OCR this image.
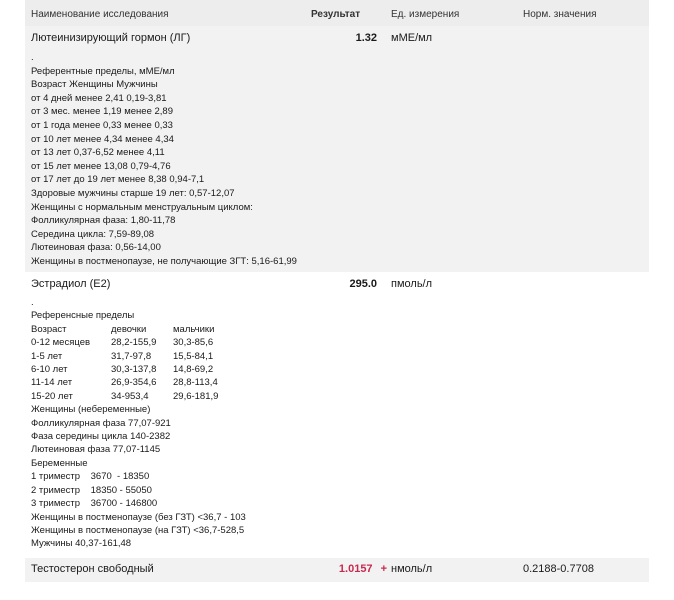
Наименование исследования	Результат	Ед. измерения	Норм. значения
Лютеинизирующий гормон (ЛГ)	1.32 мМЕ/мл
.
Референтные пределы, мМЕ/мл
Возраст Женщины Мужчины
от 4 дней менее 2,41 0,19-3,81
от 3 мес. менее 1,19 менее 2,89
от 1 года менее 0,33 менее 0,33
от 10 лет менее 4,34 менее 4,34
от 13 лет 0,37-6,52 менее 4,11
от 15 лет менее 13,08 0,79-4,76
от 17 лет до 19 лет менее 8,38 0,94-7,1
Здоровые мужчины старше 19 лет: 0,57-12,07
Женщины с нормальным менструальным циклом:
Фолликулярная фаза: 1,80-11,78
Середина цикла: 7,59-89,08
Лютеиновая фаза: 0,56-14,00
Женщины в постменопаузе, не получающие ЗГТ: 5,16-61,99
Эстрадиол (Е2)	295.0 пмоль/л
.
Референсные пределы
Возраст	девочки	мальчики
0-12 месяцев	28,2-155,9	30,3-85,6
1-5 лет	31,7-97,8	15,5-84,1
6-10 лет	30,3-137,8	14,8-69,2
11-14 лет	26,9-354,6	28,8-113,4
15-20 лет	34-953,4	29,6-181,9
Женщины (небеременные)
Фолликулярная фаза 77,07-921
Фаза середины цикла 140-2382
Лютеиновая фаза 77,07-1145
Беременные
1 триместр    3670  - 18350
2 триместр    18350 - 55050
3 триместр    36700 - 146800
Женщины в постменопаузе (без ГЗТ) <36,7 - 103
Женщины в постменопаузе (на ГЗТ) <36,7-528,5
Мужчины 40,37-161,48
Тестостерон свободный	1.0157 + нмоль/л	0.2188-0.7708
